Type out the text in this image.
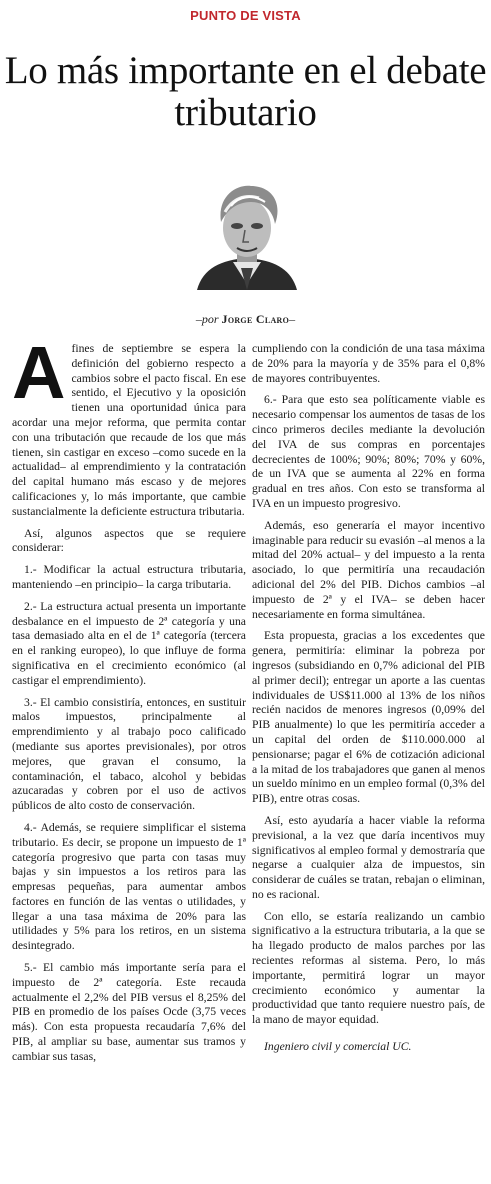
PUNTO DE VISTA
Lo más importante en el debate tributario
–por Jorge Claro–

Afines de septiembre se espera la definición del gobierno respecto a cambios sobre el pacto fiscal. En ese sentido, el Ejecutivo y la oposición tienen una oportunidad única para acordar una mejor reforma, que permita contar con una tributación que recaude de los que más tienen, sin castigar en exceso –como sucede en la actualidad– al emprendimiento y la contratación del capital humano más escaso y de mejores calificaciones y, lo más importante, que cambie sustancialmente la deficiente estructura tributaria.

Así, algunos aspectos que se requiere considerar:

1.- Modificar la actual estructura tributaria, manteniendo –en principio– la carga tributaria.

2.- La estructura actual presenta un importante desbalance en el impuesto de 2ª categoría y una tasa demasiado alta en el de 1ª categoría (tercera en el ranking europeo), lo que influye de forma significativa en el crecimiento económico (al castigar el emprendimiento).

3.- El cambio consistiría, entonces, en sustituir malos impuestos, principalmente al emprendimiento y al trabajo poco calificado (mediante sus aportes previsionales), por otros mejores, que gravan el consumo, la contaminación, el tabaco, alcohol y bebidas azucaradas y cobren por el uso de activos públicos de alto costo de conservación.

4.- Además, se requiere simplificar el sistema tributario. Es decir, se propone un impuesto de 1ª categoría progresivo que parta con tasas muy bajas y sin impuestos a los retiros para las empresas pequeñas, para aumentar ambos factores en función de las ventas o utilidades, y llegar a una tasa máxima de 20% para las utilidades y 5% para los retiros, en un sistema desintegrado.

5.- El cambio más importante sería para el impuesto de 2ª categoría. Este recauda actualmente el 2,2% del PIB versus el 8,25% del PIB en promedio de los países Ocde (3,75 veces más). Con esta propuesta recaudaría 7,6% del PIB, al ampliar su base, aumentar sus tramos y cambiar sus tasas,

cumpliendo con la condición de una tasa máxima de 20% para la mayoría y de 35% para el 0,8% de mayores contribuyentes.

6.- Para que esto sea políticamente viable es necesario compensar los aumentos de tasas de los cinco primeros deciles mediante la devolución del IVA de sus compras en porcentajes decrecientes de 100%; 90%; 80%; 70% y 60%, de un IVA que se aumenta al 22% en forma gradual en tres años. Con esto se transforma al IVA en un impuesto progresivo.

Además, eso generaría el mayor incentivo imaginable para reducir su evasión –al menos a la mitad del 20% actual– y del impuesto a la renta asociado, lo que permitiría una recaudación adicional del 2% del PIB. Dichos cambios –al impuesto de 2ª y el IVA– se deben hacer necesariamente en forma simultánea.

Esta propuesta, gracias a los excedentes que genera, permitiría: eliminar la pobreza por ingresos (subsidiando en 0,7% adicional del PIB al primer decil); entregar un aporte a las cuentas individuales de US$11.000 al 13% de los niños recién nacidos de menores ingresos (0,09% del PIB anualmente) lo que les permitiría acceder a un capital del orden de $110.000.000 al pensionarse; pagar el 6% de cotización adicional a la mitad de los trabajadores que ganen al menos un sueldo mínimo en un empleo formal (0,3% del PIB), entre otras cosas.

Así, esto ayudaría a hacer viable la reforma previsional, a la vez que daría incentivos muy significativos al empleo formal y demostraría que negarse a cualquier alza de impuestos, sin considerar de cuáles se tratan, rebajan o eliminan, no es racional.

Con ello, se estaría realizando un cambio significativo a la estructura tributaria, a la que se ha llegado producto de malos parches por las recientes reformas al sistema. Pero, lo más importante, permitirá lograr un mayor crecimiento económico y aumentar la productividad que tanto requiere nuestro país, de la mano de mayor equidad.

Ingeniero civil y comercial UC.
